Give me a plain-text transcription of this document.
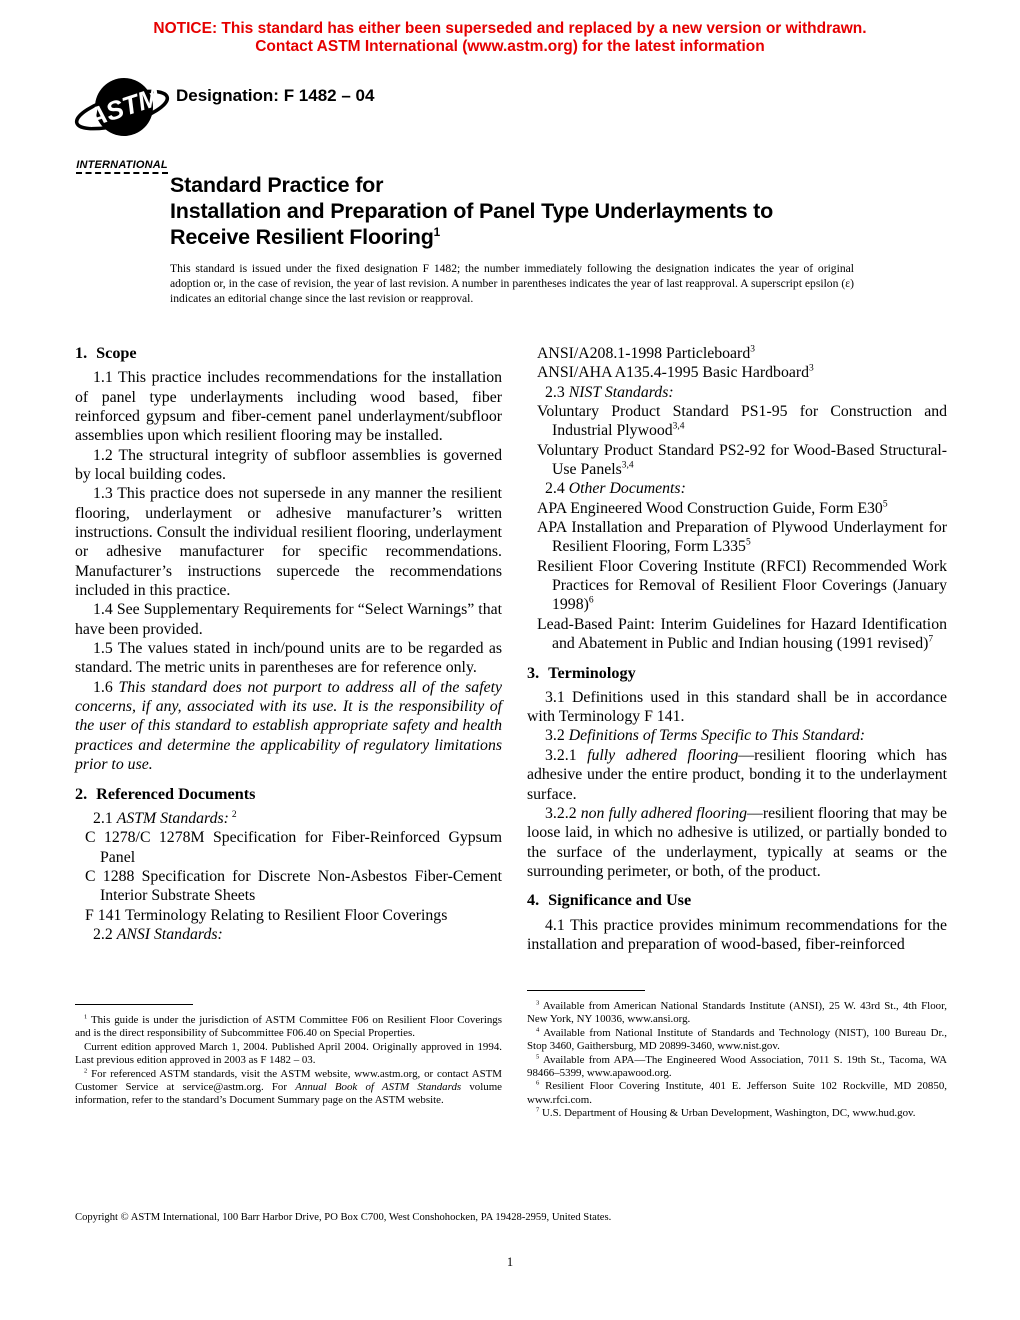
NOTICE: This standard has either been superseded and replaced by a new version or withdrawn.
Contact ASTM International (www.astm.org) for the latest information
ASTM
INTERNATIONAL
Designation: F 1482 – 04
Standard Practice for
Installation and Preparation of Panel Type Underlayments to
Receive Resilient Flooring$^1$
This standard is issued under the fixed designation F 1482; the number immediately following the designation indicates the year of original adoption or, in the case of revision, the year of last revision. A number in parentheses indicates the year of last reapproval. A superscript epsilon (ε) indicates an editorial change since the last revision or reapproval.

1. Scope

1.1 This practice includes recommendations for the installation of panel type underlayments including wood based, fiber reinforced gypsum and fiber-cement panel underlayment/subfloor assemblies upon which resilient flooring may be installed.

1.2 The structural integrity of subfloor assemblies is governed by local building codes.

1.3 This practice does not supersede in any manner the resilient flooring, underlayment or adhesive manufacturer’s written instructions. Consult the individual resilient flooring, underlayment or adhesive manufacturer for specific recommendations. Manufacturer’s instructions supercede the recommendations included in this practice.

1.4 See Supplementary Requirements for “Select Warnings” that have been provided.

1.5 The values stated in inch/pound units are to be regarded as standard. The metric units in parentheses are for reference only.

1.6 This standard does not purport to address all of the safety concerns, if any, associated with its use. It is the responsibility of the user of this standard to establish appropriate safety and health practices and determine the applicability of regulatory limitations prior to use.

2. Referenced Documents

2.1 ASTM Standards: $^2$

C 1278/C 1278M Specification for Fiber-Reinforced Gypsum Panel

C 1288 Specification for Discrete Non-Asbestos Fiber-Cement Interior Substrate Sheets

F 141 Terminology Relating to Resilient Floor Coverings

2.2 ANSI Standards:

ANSI/A208.1-1998 Particleboard$^3$

ANSI/AHA A135.4-1995 Basic Hardboard$^3$

2.3 NIST Standards:

Voluntary Product Standard PS1-95 for Construction and Industrial Plywood$^{3,4}$

Voluntary Product Standard PS2-92 for Wood-Based Structural-Use Panels$^{3,4}$

2.4 Other Documents:

APA Engineered Wood Construction Guide, Form $E30^5$

APA Installation and Preparation of Plywood Underlayment for Resilient Flooring, Form $L335^5$

Resilient Floor Covering Institute (RFCI) Recommended Work Practices for Removal of Resilient Floor Coverings (January 1998)$^6$

Lead-Based Paint: Interim Guidelines for Hazard Identification and Abatement in Public and Indian housing (1991 revised)$^7$

3. Terminology

3.1 Definitions used in this standard shall be in accordance with Terminology F 141.

3.2 Definitions of Terms Specific to This Standard:

3.2.1 fully adhered flooring—resilient flooring which has adhesive under the entire product, bonding it to the underlayment surface.

3.2.2 non fully adhered flooring—resilient flooring that may be loose laid, in which no adhesive is utilized, or partially bonded to the surface of the underlayment, typically at seams or the surrounding perimeter, or both, of the product.

4. Significance and Use

4.1 This practice provides minimum recommendations for the installation and preparation of wood-based, fiber-reinforced

$^1$ This guide is under the jurisdiction of ASTM Committee F06 on Resilient Floor Coverings and is the direct responsibility of Subcommittee F06.40 on Special Properties.

Current edition approved March 1, 2004. Published April 2004. Originally approved in 1994. Last previous edition approved in 2003 as F 1482 – 03.

$^2$ For referenced ASTM standards, visit the ASTM website, www.astm.org, or contact ASTM Customer Service at service@astm.org. For Annual Book of ASTM Standards volume information, refer to the standard’s Document Summary page on the ASTM website.

$^3$ Available from American National Standards Institute (ANSI), 25 W. 43rd St., 4th Floor, New York, NY 10036, www.ansi.org.

$^4$ Available from National Institute of Standards and Technology (NIST), 100 Bureau Dr., Stop 3460, Gaithersburg, MD 20899-3460, www.nist.gov.

$^5$ Available from APA—The Engineered Wood Association, 7011 S. 19th St., Tacoma, WA 98466–5399, www.apawood.org.

$^6$ Resilient Floor Covering Institute, 401 E. Jefferson Suite 102 Rockville, MD 20850, www.rfci.com.

$^7$ U.S. Department of Housing & Urban Development, Washington, DC, www.hud.gov.

Copyright © ASTM International, 100 Barr Harbor Drive, PO Box C700, West Conshohocken, PA 19428-2959, United States.
1
